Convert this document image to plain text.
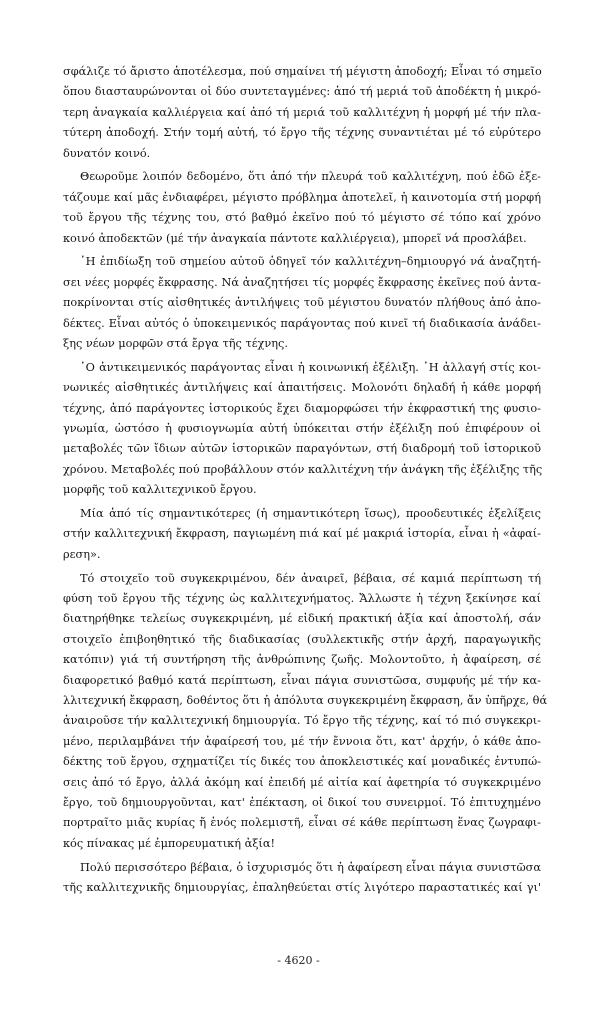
σφάλιζε τό ἄριστο ἀποτέλεσμα, πού σημαίνει τή μέγιστη ἀποδοχή; Εἶναι τό σημεῖο
ὅπου διασταυρώνονται οἱ δύο συντεταγμένες: ἀπό τή μεριά τοῦ ἀποδέκτη ἡ μικρό-
τερη ἀναγκαία καλλιέργεια καί ἀπό τή μεριά τοῦ καλλιτέχνη ἡ μορφή μέ τήν πλα-
τύτερη ἀποδοχή. Στήν τομή αὐτή, τό ἔργο τῆς τέχνης συναντιέται μέ τό εὐρύτερο
δυνατόν κοινό.
Θεωροῦμε λοιπόν δεδομένο, ὅτι ἀπό τήν πλευρά τοῦ καλλιτέχνη, πού ἐδῶ ἐξε-
τάζουμε καί μᾶς ἐνδιαφέρει, μέγιστο πρόβλημα ἀποτελεῖ, ἡ καινοτομία στή μορφή
τοῦ ἔργου τῆς τέχνης του, στό βαθμό ἐκεῖνο πού τό μέγιστο σέ τόπο καί χρόνο
κοινό ἀποδεκτῶν (μέ τήν ἀναγκαία πάντοτε καλλιέργεια), μπορεῖ νά προσλάβει.
῾Η ἐπιδίωξη τοῦ σημείου αὐτοῦ ὁδηγεῖ τόν καλλιτέχνη–δημιουργό νά ἀναζητή-
σει νέες μορφές ἔκφρασης. Νά ἀναζητήσει τίς μορφές ἔκφρασης ἐκεῖνες πού ἀντα-
ποκρίνονται στίς αἰσθητικές ἀντιλήψεις τοῦ μέγιστου δυνατόν πλήθους ἀπό ἀπο-
δέκτες. Εἶναι αὐτός ὁ ὑποκειμενικός παράγοντας πού κινεῖ τή διαδικασία ἀνάδει-
ξης νέων μορφῶν στά ἔργα τῆς τέχνης.
῾Ο ἀντικειμενικός παράγοντας εἶναι ἡ κοινωνική ἐξέλιξη. ῾Η ἀλλαγή στίς κοι-
νωνικές αἰσθητικές ἀντιλήψεις καί ἀπαιτήσεις. Μολονότι δηλαδή ἡ κάθε μορφή
τέχνης, ἀπό παράγοντες ἱστορικούς ἔχει διαμορφώσει τήν ἐκφραστική της φυσιο-
γνωμία, ὡστόσο ἡ φυσιογνωμία αὐτή ὑπόκειται στήν ἐξέλιξη πού ἐπιφέρουν οἱ
μεταβολές τῶν ἴδιων αὐτῶν ἱστορικῶν παραγόντων, στή διαδρομή τοῦ ἱστορικοῦ
χρόνου. Μεταβολές πού προβάλλουν στόν καλλιτέχνη τήν ἀνάγκη τῆς ἐξέλιξης τῆς
μορφῆς τοῦ καλλιτεχνικοῦ ἔργου.
Μία ἀπό τίς σημαντικότερες (ἡ σημαντικότερη ἴσως), προοδευτικές ἐξελίξεις
στήν καλλιτεχνική ἔκφραση, παγιωμένη πιά καί μέ μακριά ἱστορία, εἶναι ἡ «ἀφαί-
ρεση».
Τό στοιχεῖο τοῦ συγκεκριμένου, δέν ἀναιρεῖ, βέβαια, σέ καμιά περίπτωση τή
φύση τοῦ ἔργου τῆς τέχνης ὡς καλλιτεχνήματος. Ἄλλωστε ἡ τέχνη ξεκίνησε καί
διατηρήθηκε τελείως συγκεκριμένη, μέ εἰδική πρακτική ἀξία καί ἀποστολή, σάν
στοιχεῖο ἐπιβοηθητικό τῆς διαδικασίας (συλλεκτικῆς στήν ἀρχή, παραγωγικῆς
κατόπιν) γιά τή συντήρηση τῆς ἀνθρώπινης ζωῆς. Μολοντοῦτο, ἡ ἀφαίρεση, σέ
διαφορετικό βαθμό κατά περίπτωση, εἶναι πάγια συνιστῶσα, συμφυής μέ τήν κα-
λλιτεχνική ἔκφραση, δοθέντος ὅτι ἡ ἀπόλυτα συγκεκριμένη ἔκφραση, ἄν ὑπῆρχε, θά
ἀναιροῦσε τήν καλλιτεχνική δημιουργία. Τό ἔργο τῆς τέχνης, καί τό πιό συγκεκρι-
μένο, περιλαμβάνει τήν ἀφαίρεσή του, μέ τήν ἔννοια ὅτι, κατ' ἀρχήν, ὁ κάθε ἀπο-
δέκτης τοῦ ἔργου, σχηματίζει τίς δικές του ἀποκλειστικές καί μοναδικές ἐντυπώ-
σεις ἀπό τό ἔργο, ἀλλά ἀκόμη καί ἐπειδή μέ αἰτία καί ἀφετηρία τό συγκεκριμένο
ἔργο, τοῦ δημιουργοῦνται, κατ' ἐπέκταση, οἱ δικοί του συνειρμοί. Τό ἐπιτυχημένο
πορτραῖτο μιᾶς κυρίας ἤ ἑνός πολεμιστῆ, εἶναι σέ κάθε περίπτωση ἕνας ζωγραφι-
κός πίνακας μέ ἐμπορευματική ἀξία!
Πολύ περισσότερο βέβαια, ὁ ἰσχυρισμός ὅτι ἡ ἀφαίρεση εἶναι πάγια συνιστῶσα
τῆς καλλιτεχνικῆς δημιουργίας, ἐπαληθεύεται στίς λιγότερο παραστατικές καί γι'
- 4620 -
